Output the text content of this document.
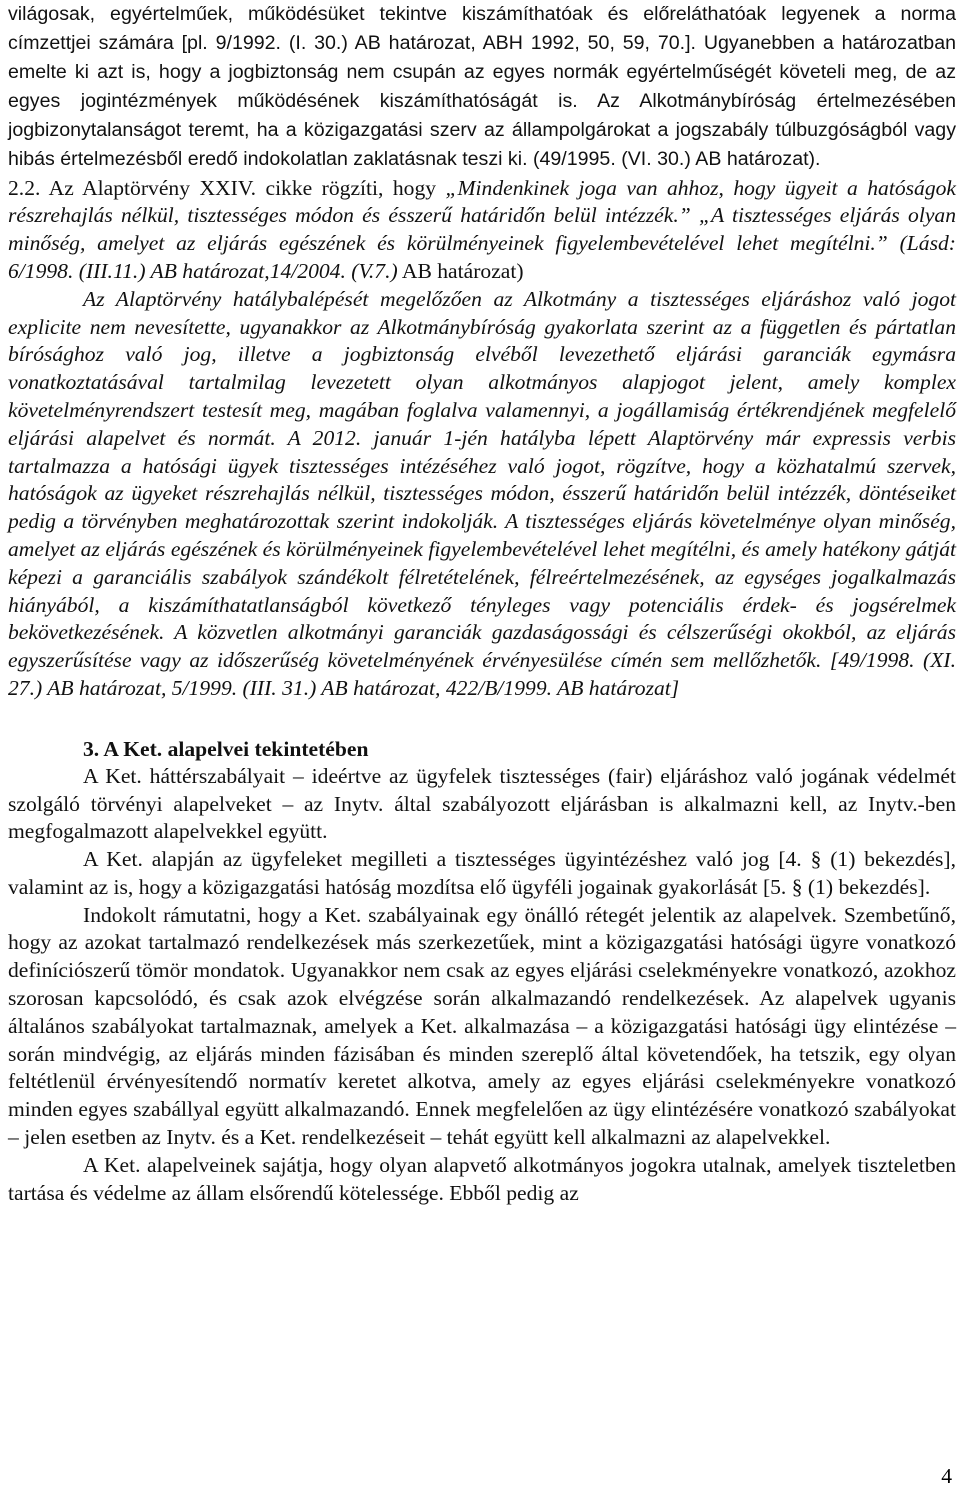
világosak, egyértelműek, működésüket tekintve kiszámíthatóak és előreláthatóak legyenek a norma címzettjei számára [pl. 9/1992. (I. 30.) AB határozat, ABH 1992, 50, 59, 70.]. Ugyanebben a határozatban emelte ki azt is, hogy a jogbiztonság nem csupán az egyes normák egyértelműségét követeli meg, de az egyes jogintézmények működésének kiszámíthatóságát is. Az Alkotmánybíróság értelmezésében jogbizonytalanságot teremt, ha a közigazgatási szerv az állampolgárokat a jogszabály túlbuzgóságból vagy hibás értelmezésből eredő indokolatlan zaklatásnak teszi ki. (49/1995. (VI. 30.) AB határozat).

2.2. Az Alaptörvény XXIV. cikke rögzíti, hogy „Mindenkinek joga van ahhoz, hogy ügyeit a hatóságok részrehajlás nélkül, tisztességes módon és ésszerű határidőn belül intézzék.” „A tisztességes eljárás olyan minőség, amelyet az eljárás egészének és körülményeinek figyelembevételével lehet megítélni.” (Lásd: 6/1998. (III.11.) AB határozat,14/2004. (V.7.) AB határozat)

Az Alaptörvény hatálybalépését megelőzően az Alkotmány a tisztességes eljáráshoz való jogot explicite nem nevesítette, ugyanakkor az Alkotmánybíróság gyakorlata szerint az a független és pártatlan bírósághoz való jog, illetve a jogbiztonság elvéből levezethető eljárási garanciák egymásra vonatkoztatásával tartalmilag levezetett olyan alkotmányos alapjogot jelent, amely komplex követelményrendszert testesít meg, magában foglalva valamennyi, a jogállamiság értékrendjének megfelelő eljárási alapelvet és normát. A 2012. január 1-jén hatályba lépett Alaptörvény már expressis verbis tartalmazza a hatósági ügyek tisztességes intézéséhez való jogot, rögzítve, hogy a közhatalmú szervek, hatóságok az ügyeket részrehajlás nélkül, tisztességes módon, ésszerű határidőn belül intézzék, döntéseiket pedig a törvényben meghatározottak szerint indokolják. A tisztességes eljárás követelménye olyan minőség, amelyet az eljárás egészének és körülményeinek figyelembevételével lehet megítélni, és amely hatékony gátját képezi a garanciális szabályok szándékolt félretételének, félreértelmezésének, az egységes jogalkalmazás hiányából, a kiszámíthatatlanságból következő tényleges vagy potenciális érdek- és jogsérelmek bekövetkezésének. A közvetlen alkotmányi garanciák gazdaságossági és célszerűségi okokból, az eljárás egyszerűsítése vagy az időszerűség követelményének érvényesülése címén sem mellőzhetők. [49/1998. (XI. 27.) AB határozat, 5/1999. (III. 31.) AB határozat, 422/B/1999. AB határozat]

3. A Ket. alapelvei tekintetében

A Ket. háttérszabályait – ideértve az ügyfelek tisztességes (fair) eljáráshoz való jogának védelmét szolgáló törvényi alapelveket – az Inytv. által szabályozott eljárásban is alkalmazni kell, az Inytv.-ben megfogalmazott alapelvekkel együtt.

A Ket. alapján az ügyfeleket megilleti a tisztességes ügyintézéshez való jog [4. § (1) bekezdés], valamint az is, hogy a közigazgatási hatóság mozdítsa elő ügyféli jogainak gyakorlását [5. § (1) bekezdés].

Indokolt rámutatni, hogy a Ket. szabályainak egy önálló rétegét jelentik az alapelvek. Szembetűnő, hogy az azokat tartalmazó rendelkezések más szerkezetűek, mint a közigazgatási hatósági ügyre vonatkozó definíciószerű tömör mondatok. Ugyanakkor nem csak az egyes eljárási cselekményekre vonatkozó, azokhoz szorosan kapcsolódó, és csak azok elvégzése során alkalmazandó rendelkezések. Az alapelvek ugyanis általános szabályokat tartalmaznak, amelyek a Ket. alkalmazása – a közigazgatási hatósági ügy elintézése – során mindvégig, az eljárás minden fázisában és minden szereplő által követendőek, ha tetszik, egy olyan feltétlenül érvényesítendő normatív keretet alkotva, amely az egyes eljárási cselekményekre vonatkozó minden egyes szabállyal együtt alkalmazandó. Ennek megfelelően az ügy elintézésére vonatkozó szabályokat – jelen esetben az Inytv. és a Ket. rendelkezéseit – tehát együtt kell alkalmazni az alapelvekkel.

A Ket. alapelveinek sajátja, hogy olyan alapvető alkotmányos jogokra utalnak, amelyek tiszteletben tartása és védelme az állam elsőrendű kötelessége. Ebből pedig az

4
